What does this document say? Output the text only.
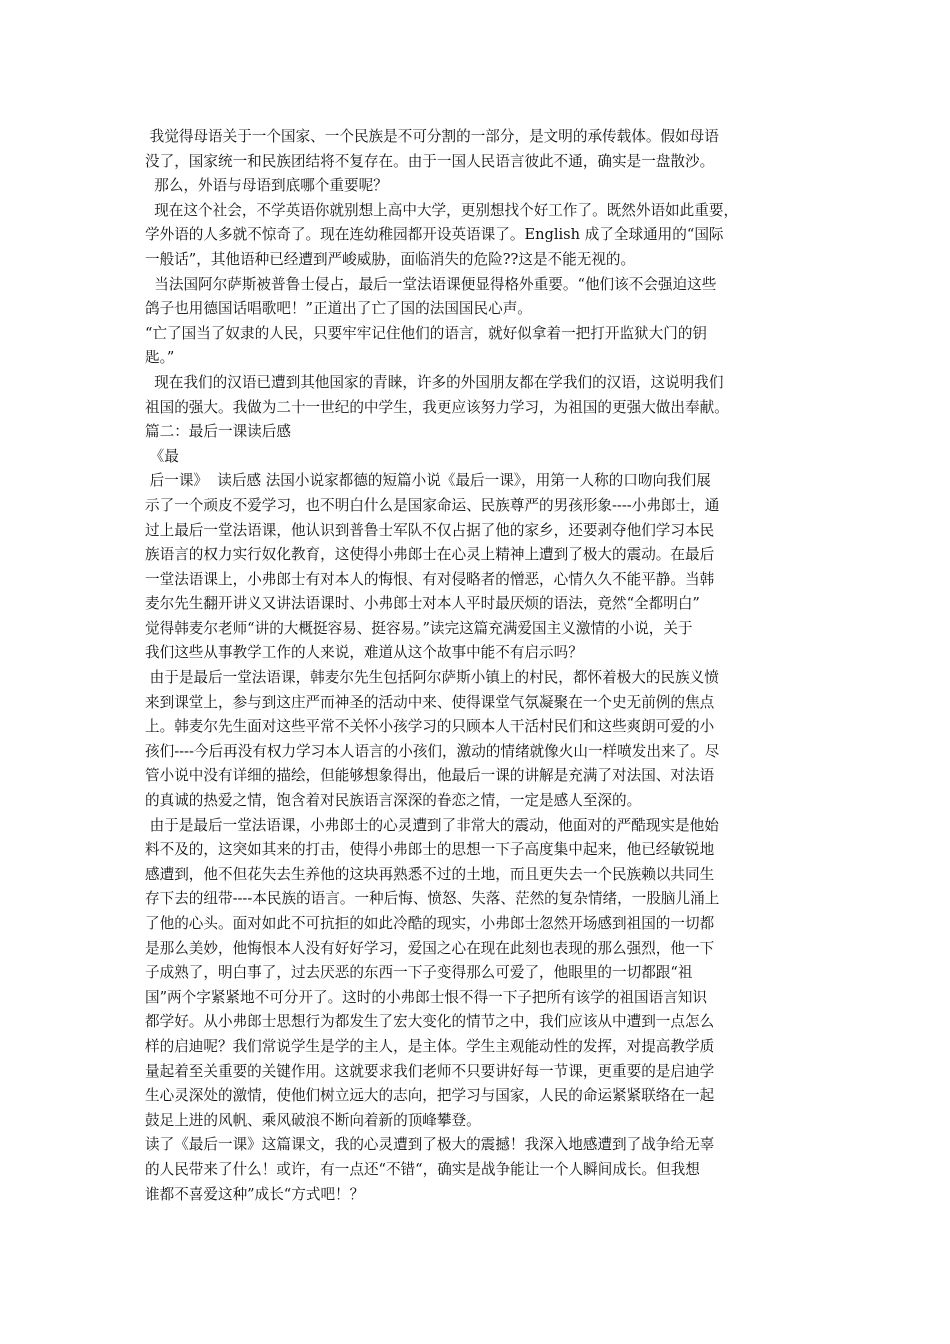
我觉得母语关于一个国家、一个民族是不可分割的一部分，是文明的承传载体。假如母语
没了，国家统一和民族团结将不复存在。由于一国人民语言彼此不通，确实是一盘散沙。
那么，外语与母语到底哪个重要呢？
现在这个社会，不学英语你就别想上高中大学，更别想找个好工作了。既然外语如此重要，
学外语的人多就不惊奇了。现在连幼稚园都开设英语课了。English 成了全球通用的“国际
一般话”，其他语种已经遭到严峻威胁，面临消失的危险??这是不能无视的。
当法国阿尔萨斯被普鲁士侵占，最后一堂法语课便显得格外重要。“他们该不会强迫这些
鸽子也用德国话唱歌吧！”正道出了亡了国的法国国民心声。
“亡了国当了奴隶的人民，只要牢牢记住他们的语言，就好似拿着一把打开监狱大门的钥
匙。”
现在我们的汉语已遭到其他国家的青睐，许多的外国朋友都在学我们的汉语，这说明我们
祖国的强大。我做为二十一世纪的中学生，我更应该努力学习，为祖国的更强大做出奉献。
篇二：最后一课读后感
《最
后一课》  读后感 法国小说家都德的短篇小说《最后一课》，用第一人称的口吻向我们展
示了一个顽皮不爱学习，也不明白什么是国家命运、民族尊严的男孩形象----小弗郎士，通
过上最后一堂法语课，他认识到普鲁士军队不仅占据了他的家乡，还要剥夺他们学习本民
族语言的权力实行奴化教育，这使得小弗郎士在心灵上精神上遭到了极大的震动。在最后
一堂法语课上，小弗郎士有对本人的悔恨、有对侵略者的憎恶，心情久久不能平静。当韩
麦尔先生翻开讲义又讲法语课时、小弗郎士对本人平时最厌烦的语法，竟然“全都明白”
觉得韩麦尔老师“讲的大概挺容易、挺容易。”读完这篇充满爱国主义激情的小说，关于
我们这些从事教学工作的人来说，难道从这个故事中能不有启示吗？
由于是最后一堂法语课，韩麦尔先生包括阿尔萨斯小镇上的村民，都怀着极大的民族义愤
来到课堂上，参与到这庄严而神圣的活动中来、使得课堂气氛凝聚在一个史无前例的焦点
上。韩麦尔先生面对这些平常不关怀小孩学习的只顾本人干活村民们和这些爽朗可爱的小
孩们----今后再没有权力学习本人语言的小孩们，激动的情绪就像火山一样喷发出来了。尽
管小说中没有详细的描绘，但能够想象得出，他最后一课的讲解是充满了对法国、对法语
的真诚的热爱之情，饱含着对民族语言深深的眷恋之情，一定是感人至深的。
由于是最后一堂法语课，小弗郎士的心灵遭到了非常大的震动，他面对的严酷现实是他始
料不及的，这突如其来的打击，使得小弗郎士的思想一下子高度集中起来，他已经敏锐地
感遭到，他不但花失去生养他的这块再熟悉不过的土地，而且更失去一个民族赖以共同生
存下去的纽带----本民族的语言。一种后悔、愤怒、失落、茫然的复杂情绪，一股脑儿涌上
了他的心头。面对如此不可抗拒的如此冷酷的现实，小弗郎士忽然开场感到祖国的一切都
是那么美妙，他悔恨本人没有好好学习，爱国之心在现在此刻也表现的那么强烈，他一下
子成熟了，明白事了，过去厌恶的东西一下子变得那么可爱了，他眼里的一切都跟“祖
国”两个字紧紧地不可分开了。这时的小弗郎士恨不得一下子把所有该学的祖国语言知识
都学好。从小弗郎士思想行为都发生了宏大变化的情节之中，我们应该从中遭到一点怎么
样的启迪呢？我们常说学生是学的主人，是主体。学生主观能动性的发挥，对提高教学质
量起着至关重要的关键作用。这就要求我们老师不只要讲好每一节课，更重要的是启迪学
生心灵深处的激情，使他们树立远大的志向，把学习与国家，人民的命运紧紧联络在一起
鼓足上进的风帆、乘风破浪不断向着新的顶峰攀登。
读了《最后一课》这篇课文，我的心灵遭到了极大的震撼！我深入地感遭到了战争给无辜
的人民带来了什么！或许，有一点还“不错“，确实是战争能让一个人瞬间成长。但我想
谁都不喜爱这种”成长“方式吧！？
